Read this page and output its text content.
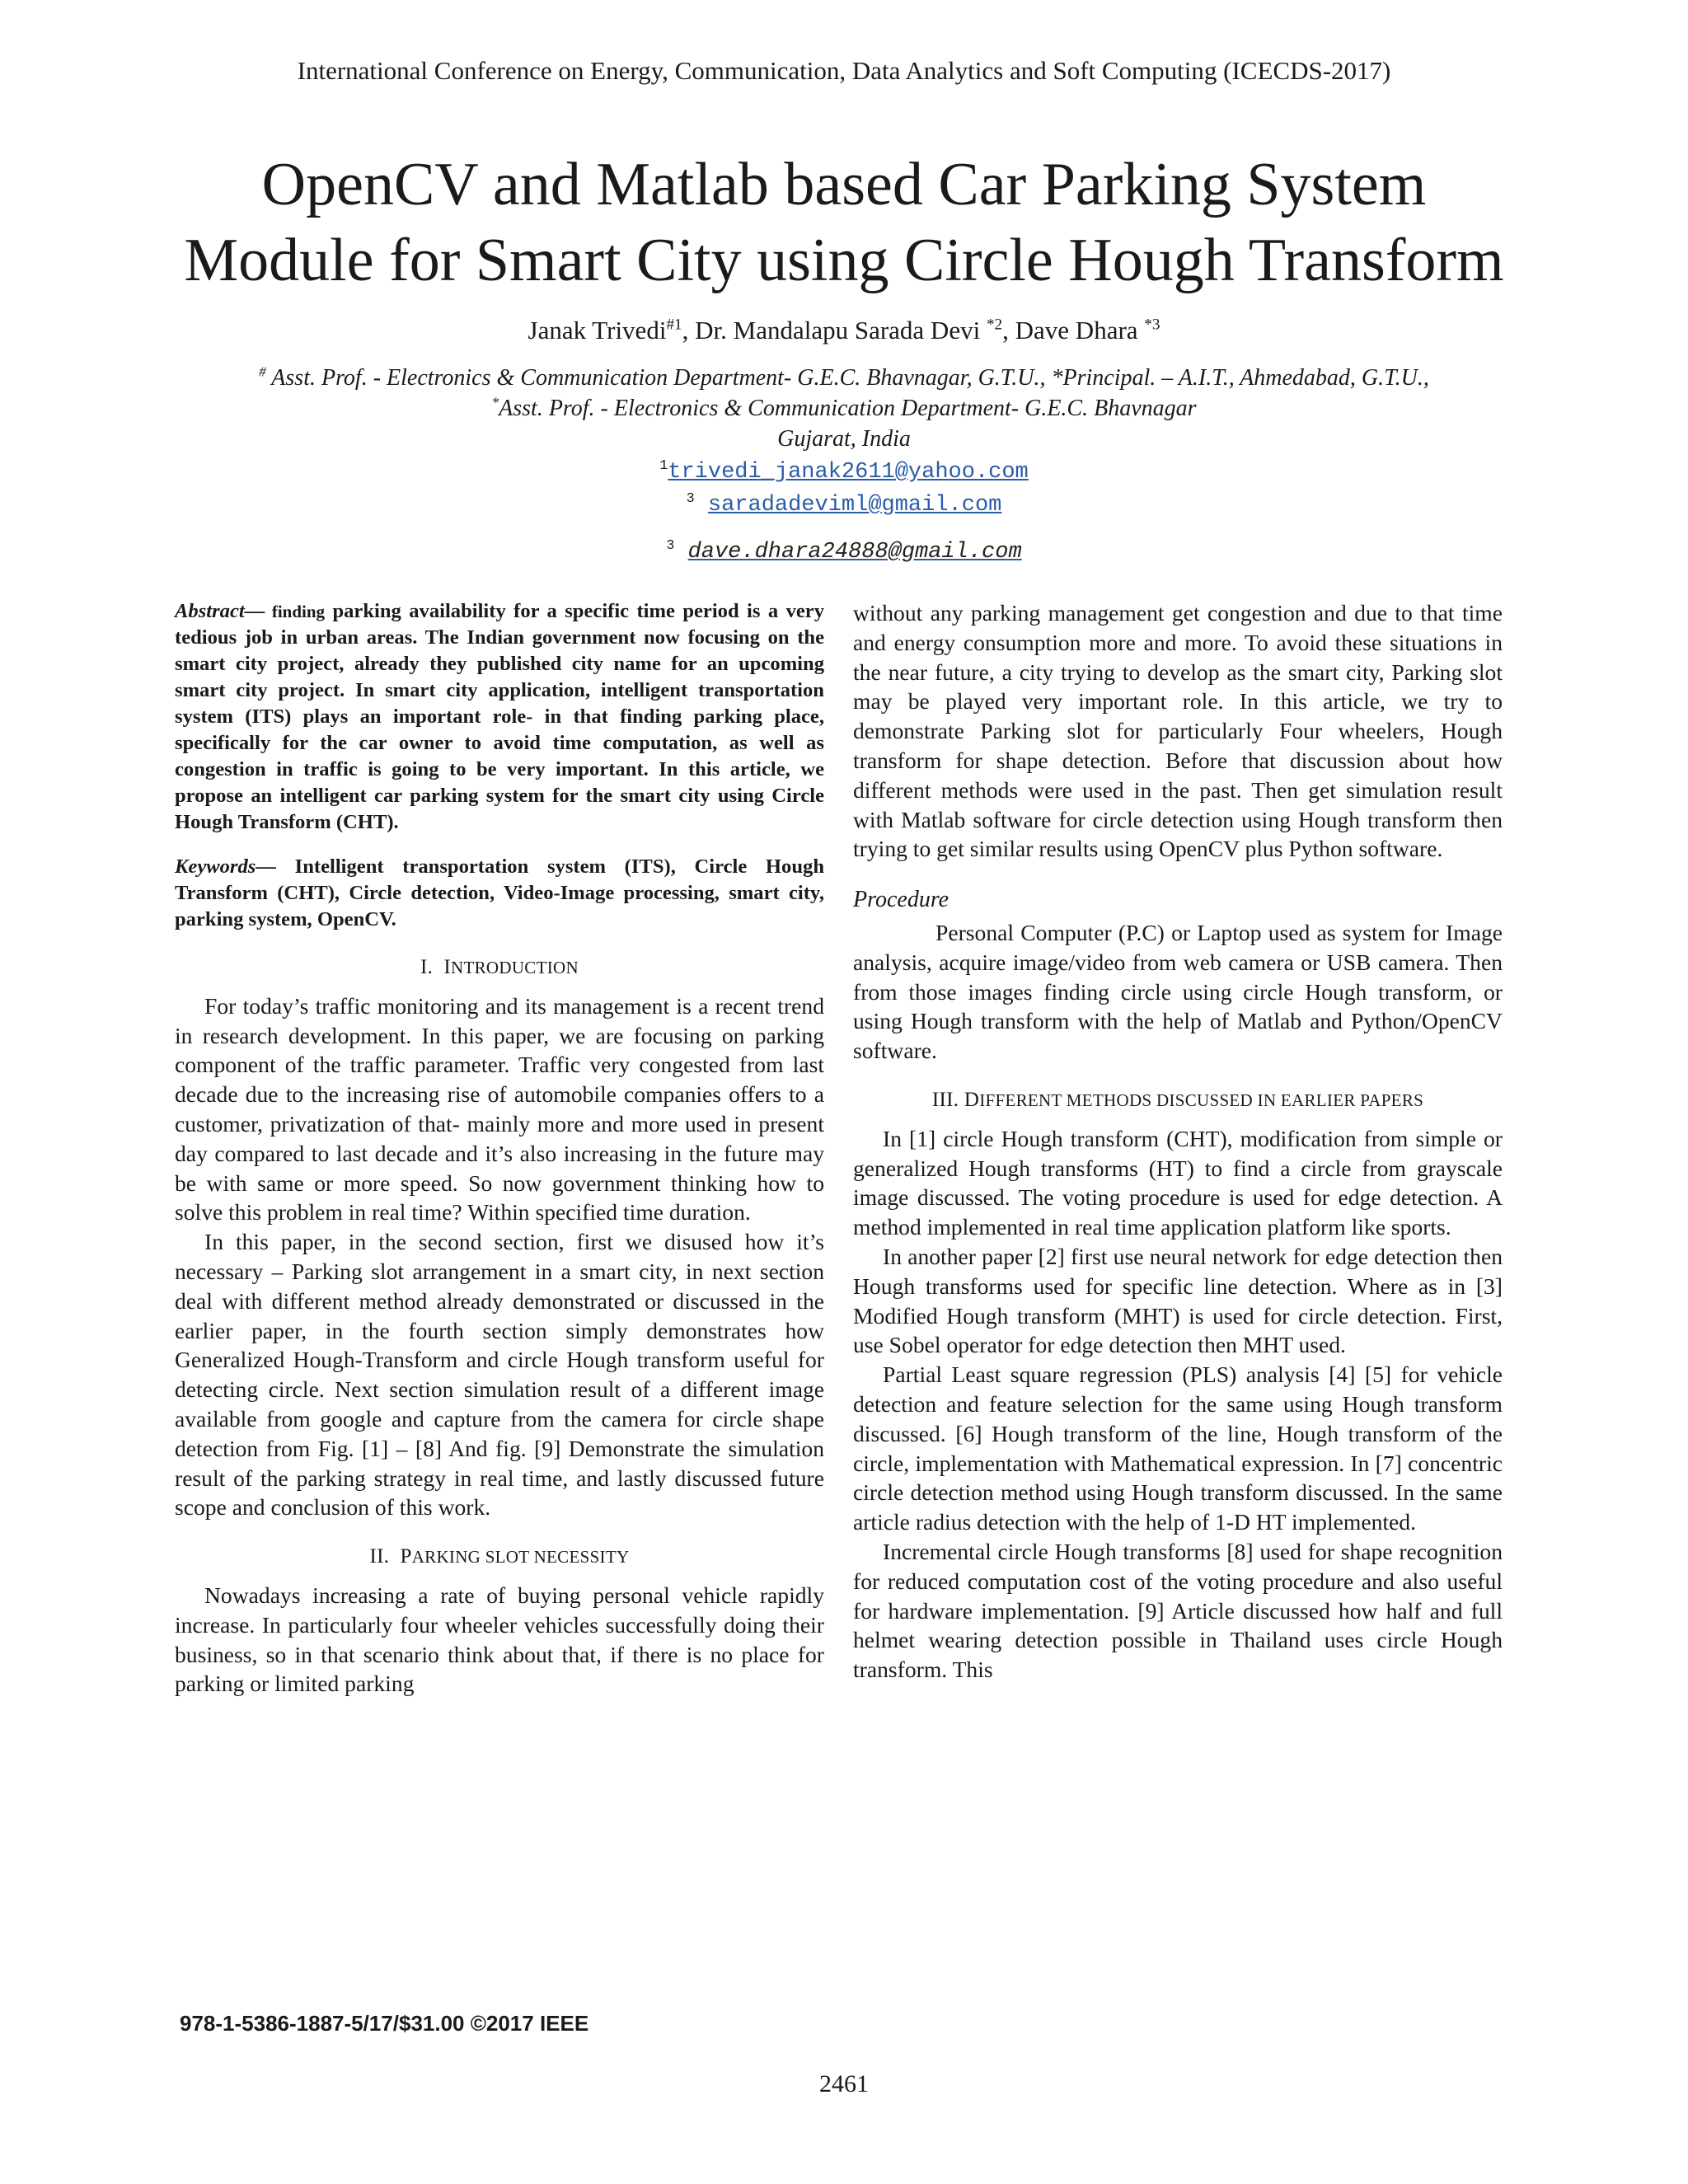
International Conference on Energy, Communication, Data Analytics and Soft Computing (ICECDS-2017)
OpenCV and Matlab based Car Parking System
Module for Smart City using Circle Hough Transform
Janak Trivedi$^{\#1}$, Dr. Mandalapu Sarada Devi $^{*2}$, Dave Dhara $^{*3}$
# Asst. Prof. - Electronics & Communication Department- G.E.C. Bhavnagar, G.T.U., *Principal. – A.I.T., Ahmedabad, G.T.U.,
*Asst. Prof. - Electronics & Communication Department- G.E.C. Bhavnagar
Gujarat, India
$^1$trivedi_janak2611@yahoo.com
$^3$ saradadeviml@gmail.com
$^3$ dave.dhara24888@gmail.com

Abstract— finding parking availability for a specific time period is a very tedious job in urban areas. The Indian government now focusing on the smart city project, already they published city name for an upcoming smart city project. In smart city application, intelligent transportation system (ITS) plays an important role- in that finding parking place, specifically for the car owner to avoid time computation, as well as congestion in traffic is going to be very important. In this article, we propose an intelligent car parking system for the smart city using Circle Hough Transform (CHT).

Keywords— Intelligent transportation system (ITS), Circle Hough Transform (CHT), Circle detection, Video-Image processing, smart city, parking system, OpenCV.

I. INTRODUCTION

For today’s traffic monitoring and its management is a recent trend in research development. In this paper, we are focusing on parking component of the traffic parameter. Traffic very congested from last decade due to the increasing rise of automobile companies offers to a customer, privatization of that- mainly more and more used in present day compared to last decade and it’s also increasing in the future may be with same or more speed. So now government thinking how to solve this problem in real time? Within specified time duration.

In this paper, in the second section, first we disused how it’s necessary – Parking slot arrangement in a smart city, in next section deal with different method already demonstrated or discussed in the earlier paper, in the fourth section simply demonstrates how Generalized Hough-Transform and circle Hough transform useful for detecting circle. Next section simulation result of a different image available from google and capture from the camera for circle shape detection from Fig. [1] – [8] And fig. [9] Demonstrate the simulation result of the parking strategy in real time, and lastly discussed future scope and conclusion of this work.

II. PARKING SLOT NECESSITY

Nowadays increasing a rate of buying personal vehicle rapidly increase. In particularly four wheeler vehicles successfully doing their business, so in that scenario think about that, if there is no place for parking or limited parking

without any parking management get congestion and due to that time and energy consumption more and more. To avoid these situations in the near future, a city trying to develop as the smart city, Parking slot may be played very important role. In this article, we try to demonstrate Parking slot for particularly Four wheelers, Hough transform for shape detection. Before that discussion about how different methods were used in the past. Then get simulation result with Matlab software for circle detection using Hough transform then trying to get similar results using OpenCV plus Python software.

Procedure

Personal Computer (P.C) or Laptop used as system for Image analysis, acquire image/video from web camera or USB camera. Then from those images finding circle using circle Hough transform, or using Hough transform with the help of Matlab and Python/OpenCV software.

III. DIFFERENT METHODS DISCUSSED IN EARLIER PAPERS

In [1] circle Hough transform (CHT), modification from simple or generalized Hough transforms (HT) to find a circle from grayscale image discussed. The voting procedure is used for edge detection. A method implemented in real time application platform like sports.

In another paper [2] first use neural network for edge detection then Hough transforms used for specific line detection. Where as in [3] Modified Hough transform (MHT) is used for circle detection. First, use Sobel operator for edge detection then MHT used.

Partial Least square regression (PLS) analysis [4] [5] for vehicle detection and feature selection for the same using Hough transform discussed. [6] Hough transform of the line, Hough transform of the circle, implementation with Mathematical expression. In [7] concentric circle detection method using Hough transform discussed. In the same article radius detection with the help of 1-D HT implemented.

Incremental circle Hough transforms [8] used for shape recognition for reduced computation cost of the voting procedure and also useful for hardware implementation. [9] Article discussed how half and full helmet wearing detection possible in Thailand uses circle Hough transform. This

978-1-5386-1887-5/17/$31.00 ©2017 IEEE
2461
